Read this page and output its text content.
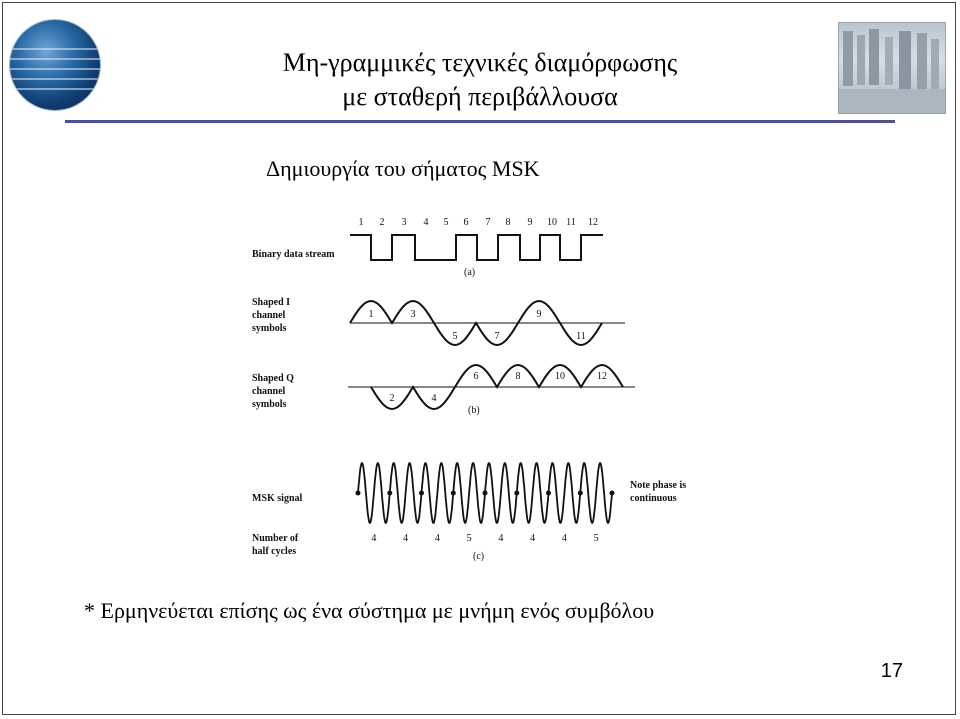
Μη-γραμμικές τεχνικές διαμόρφωσης
με σταθερή περιβάλλουσα
Δημιουργία του σήματος MSK
1 2 3 4 5 6 7 8 9 10 11 12
Binary data stream
(a)
Shaped I
channel
symbols
1	3
5	7
9
11
Shaped Q
channel
symbols
2	4
6	8	10	12
(b)
MSK signal
Note phase is
continuous
Number of
half cycles
4	4	4	5	4	4	4	5
(c)
* Ερμηνεύεται επίσης ως ένα σύστημα με μνήμη ενός συμβόλου
17
